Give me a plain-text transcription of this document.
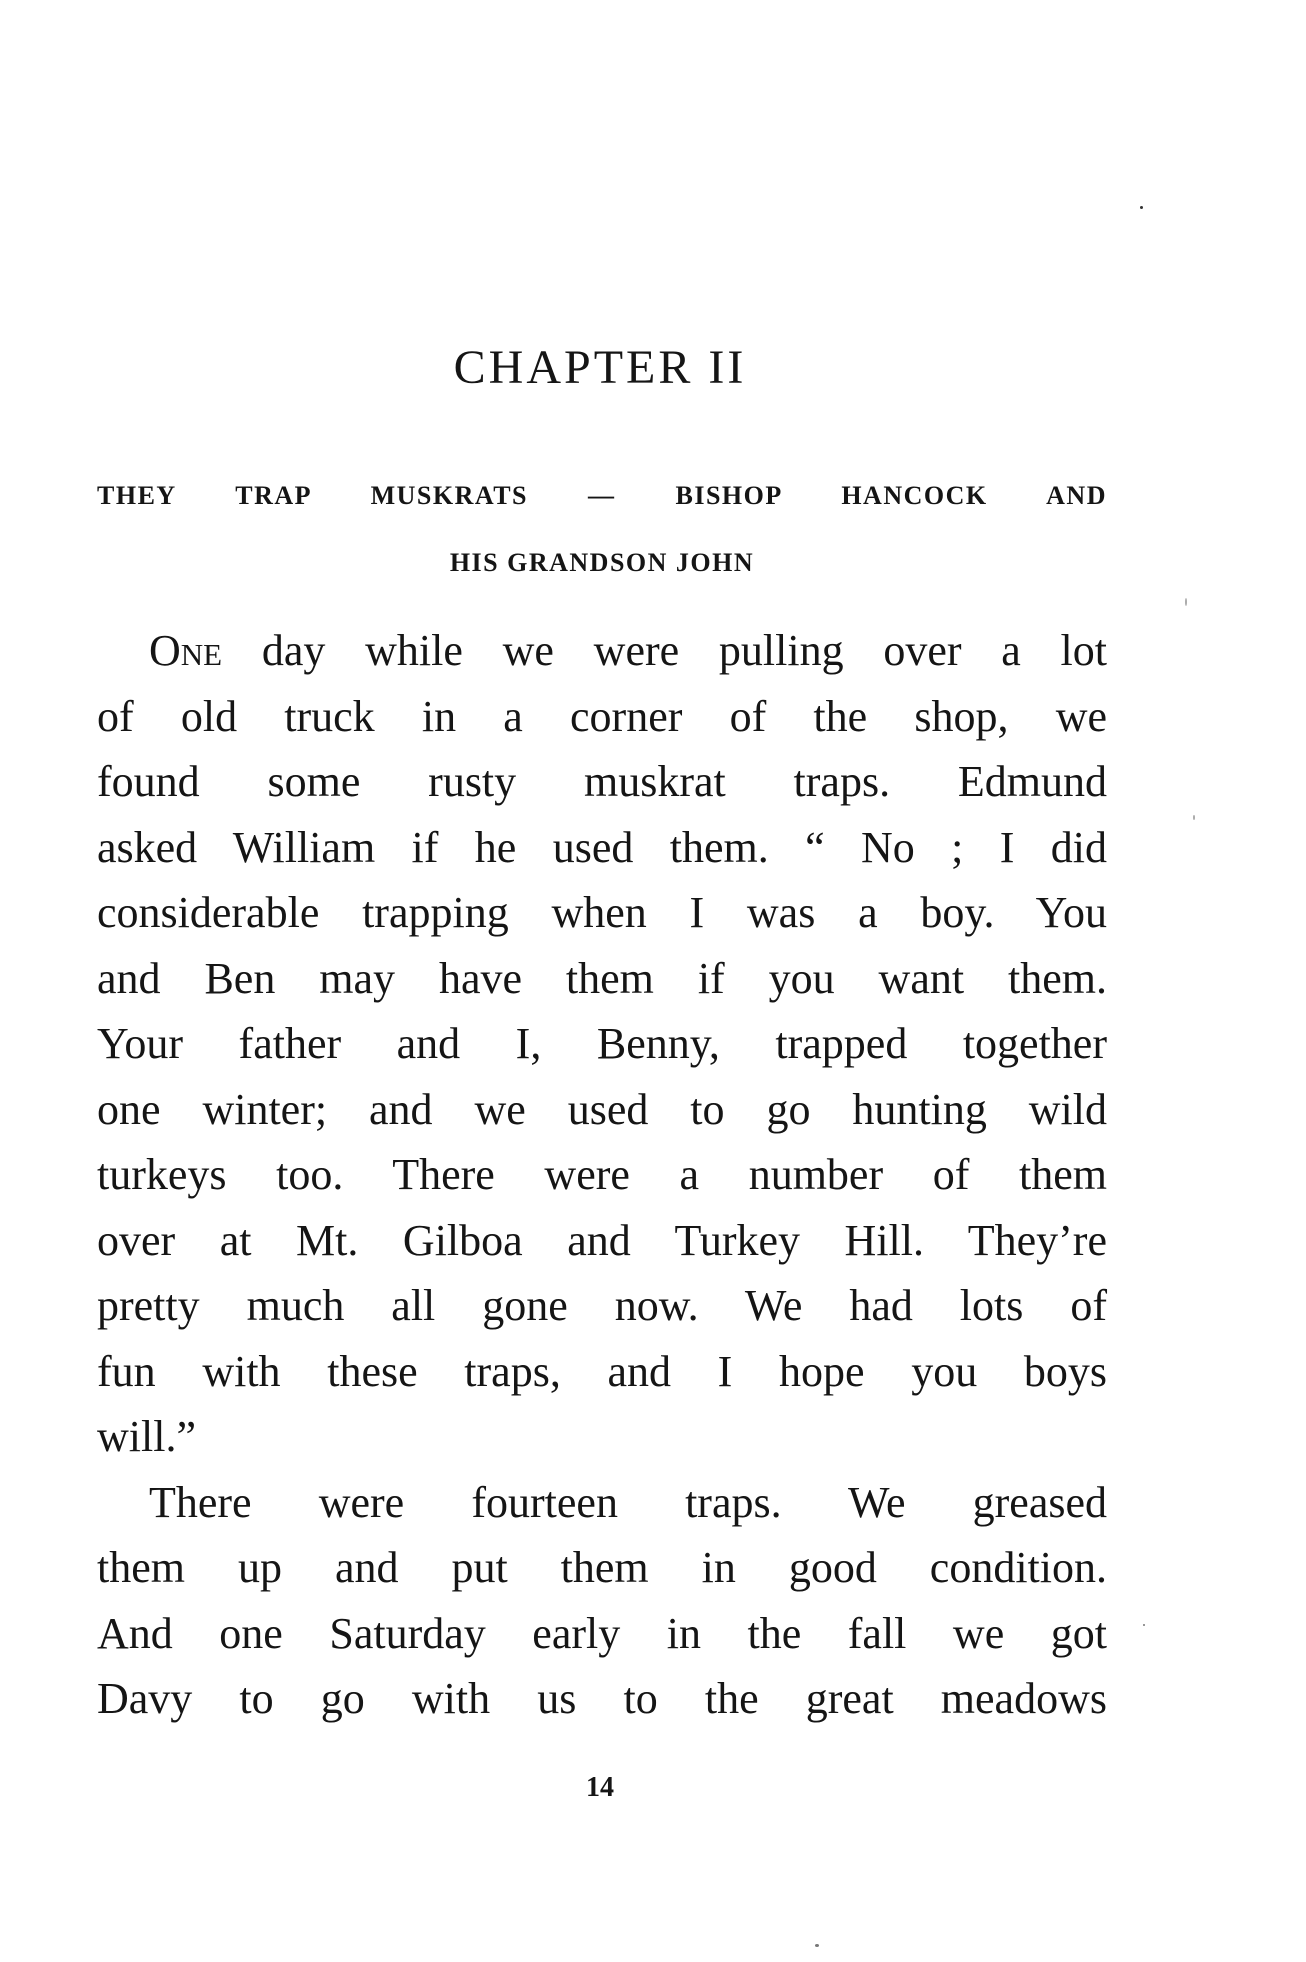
CHAPTER II
THEY TRAP MUSKRATS — BISHOP HANCOCK AND
HIS GRANDSON JOHN

One day while we were pulling over a lot
of old truck in a corner of the shop, we
found some rusty muskrat traps. Edmund
asked William if he used them. “ No ; I did
considerable trapping when I was a boy. You
and Ben may have them if you want them.
Your father and I, Benny, trapped together
one winter; and we used to go hunting wild
turkeys too. There were a number of them
over at Mt. Gilboa and Turkey Hill. They’re
pretty much all gone now. We had lots of
fun with these traps, and I hope you boys
will.”

There were fourteen traps. We greased
them up and put them in good condition.
And one Saturday early in the fall we got
Davy to go with us to the great meadows

14
